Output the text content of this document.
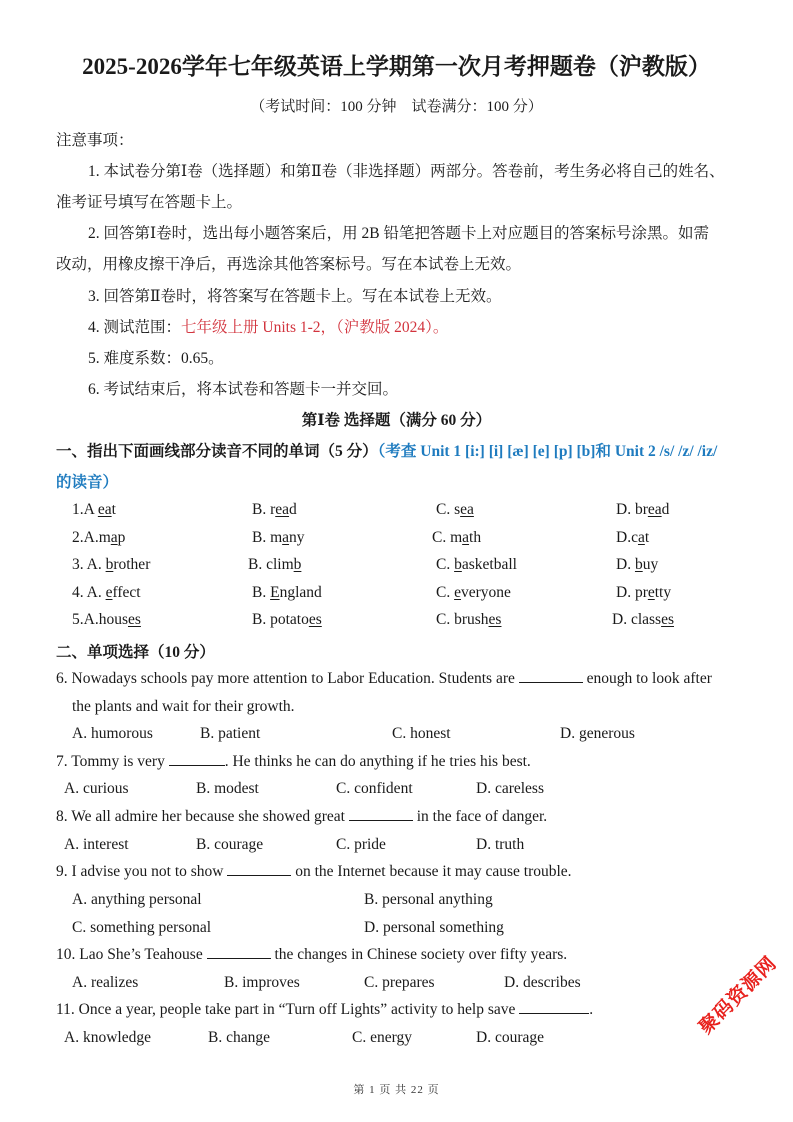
2025-2026学年七年级英语上学期第一次月考押题卷（沪教版）
（考试时间：100 分钟　试卷满分：100 分）
注意事项：
1. 本试卷分第Ⅰ卷（选择题）和第Ⅱ卷（非选择题）两部分。答卷前，考生务必将自己的姓名、
准考证号填写在答题卡上。
2. 回答第Ⅰ卷时，选出每小题答案后，用 2B 铅笔把答题卡上对应题目的答案标号涂黑。如需
改动，用橡皮擦干净后，再选涂其他答案标号。写在本试卷上无效。
3. 回答第Ⅱ卷时，将答案写在答题卡上。写在本试卷上无效。
4. 测试范围：七年级上册 Units 1-2，（沪教版 2024）。
5. 难度系数：0.65。
6. 考试结束后，将本试卷和答题卡一并交回。
第Ⅰ卷 选择题（满分 60 分）
一、指出下面画线部分读音不同的单词（5 分）（考查 Unit 1 [i:] [i] [æ] [e] [p] [b]和 Unit 2 /s/ /z/ /iz/
的读音）
1.A eat	B. read	C. sea	D. bread
2.A.map	B. many	C. math	D.cat
3. A. brother	B. climb	C. basketball	D. buy
4. A. effect	B. England	C. everyone	D. pretty
5.A.houses	B. potatoes	C. brushes	D. classes
二、单项选择（10 分）
6. Nowadays schools pay more attention to Labor Education. Students are	enough to look after
the plants and wait for their growth.
A. humorous	B. patient	C. honest	D. generous
7. Tommy is very	. He thinks he can do anything if he tries his best.
A. curious	B. modest	C. confident	D. careless
8. We all admire her because she showed great	in the face of danger.
A. interest	B. courage	C. pride	D. truth
9. I advise you not to show	on the Internet because it may cause trouble.
A. anything personal	B. personal anything
C. something personal	D. personal something
10. Lao She’s Teahouse	the changes in Chinese society over fifty years.
A. realizes	B. improves	C. prepares	D. describes
11. Once a year, people take part in “Turn off Lights” activity to help save	.
A. knowledge	B. change	C. energy	D. courage
第 1 页 共 22 页
聚码资源网
